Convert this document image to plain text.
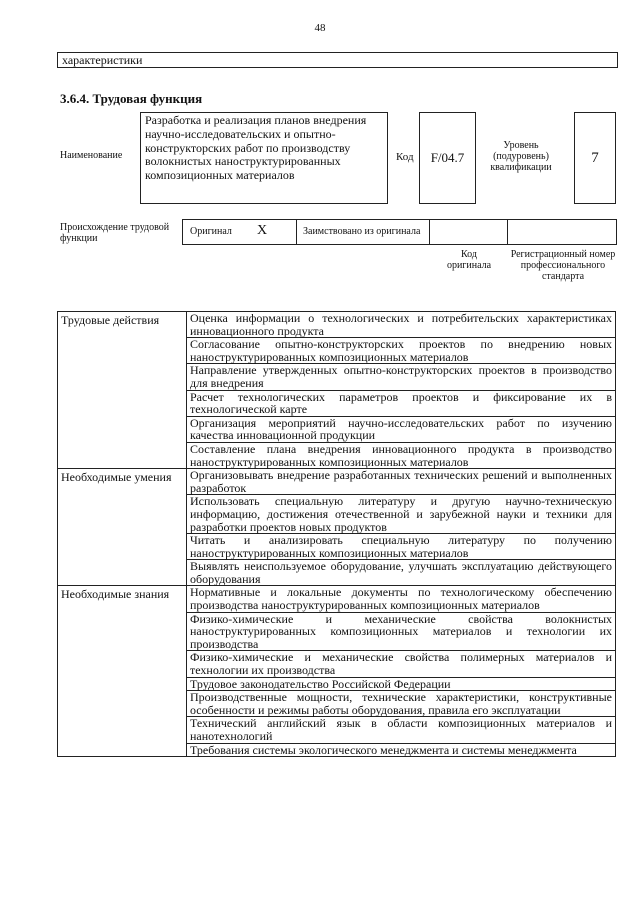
48
характеристики
3.6.4. Трудовая функция
Наименование
Разработка и реализация планов внедрения научно-исследовательских и опытно-конструкторских работ по производству волокнистых наноструктурированных композиционных материалов
Код	F/04.7
Уровень (подуровень) квалификации
7
Происхождение трудовой функции
Оригинал X	Заимствовано из оригинала
Код оригинала
Регистрационный номер профессионального стандарта
Трудовые действия	Оценка информации о технологических и потребительских характеристиках инновационного продукта
	Согласование опытно-конструкторских проектов по внедрению новых наноструктурированных композиционных материалов
	Направление утвержденных опытно-конструкторских проектов в производство для внедрения
	Расчет технологических параметров проектов и фиксирование их в технологической карте
	Организация мероприятий научно-исследовательских работ по изучению качества инновационной продукции
	Составление плана внедрения инновационного продукта в производство наноструктурированных композиционных материалов
Необходимые умения	Организовывать внедрение разработанных технических решений и выполненных разработок
	Использовать специальную литературу и другую научно-техническую информацию, достижения отечественной и зарубежной науки и техники для разработки проектов новых продуктов
	Читать и анализировать специальную литературу по получению наноструктурированных композиционных материалов
	Выявлять неиспользуемое оборудование, улучшать эксплуатацию действующего оборудования
Необходимые знания	Нормативные и локальные документы по технологическому обеспечению производства наноструктурированных композиционных материалов
	Физико-химические и механические свойства волокнистых наноструктурированных композиционных материалов и технологии их производства
	Физико-химические и механические свойства полимерных материалов и технологии их производства
	Трудовое законодательство Российской Федерации
	Производственные мощности, технические характеристики, конструктивные особенности и режимы работы оборудования, правила его эксплуатации
	Технический английский язык в области композиционных материалов и нанотехнологий
	Требования системы экологического менеджмента и системы менеджмента
